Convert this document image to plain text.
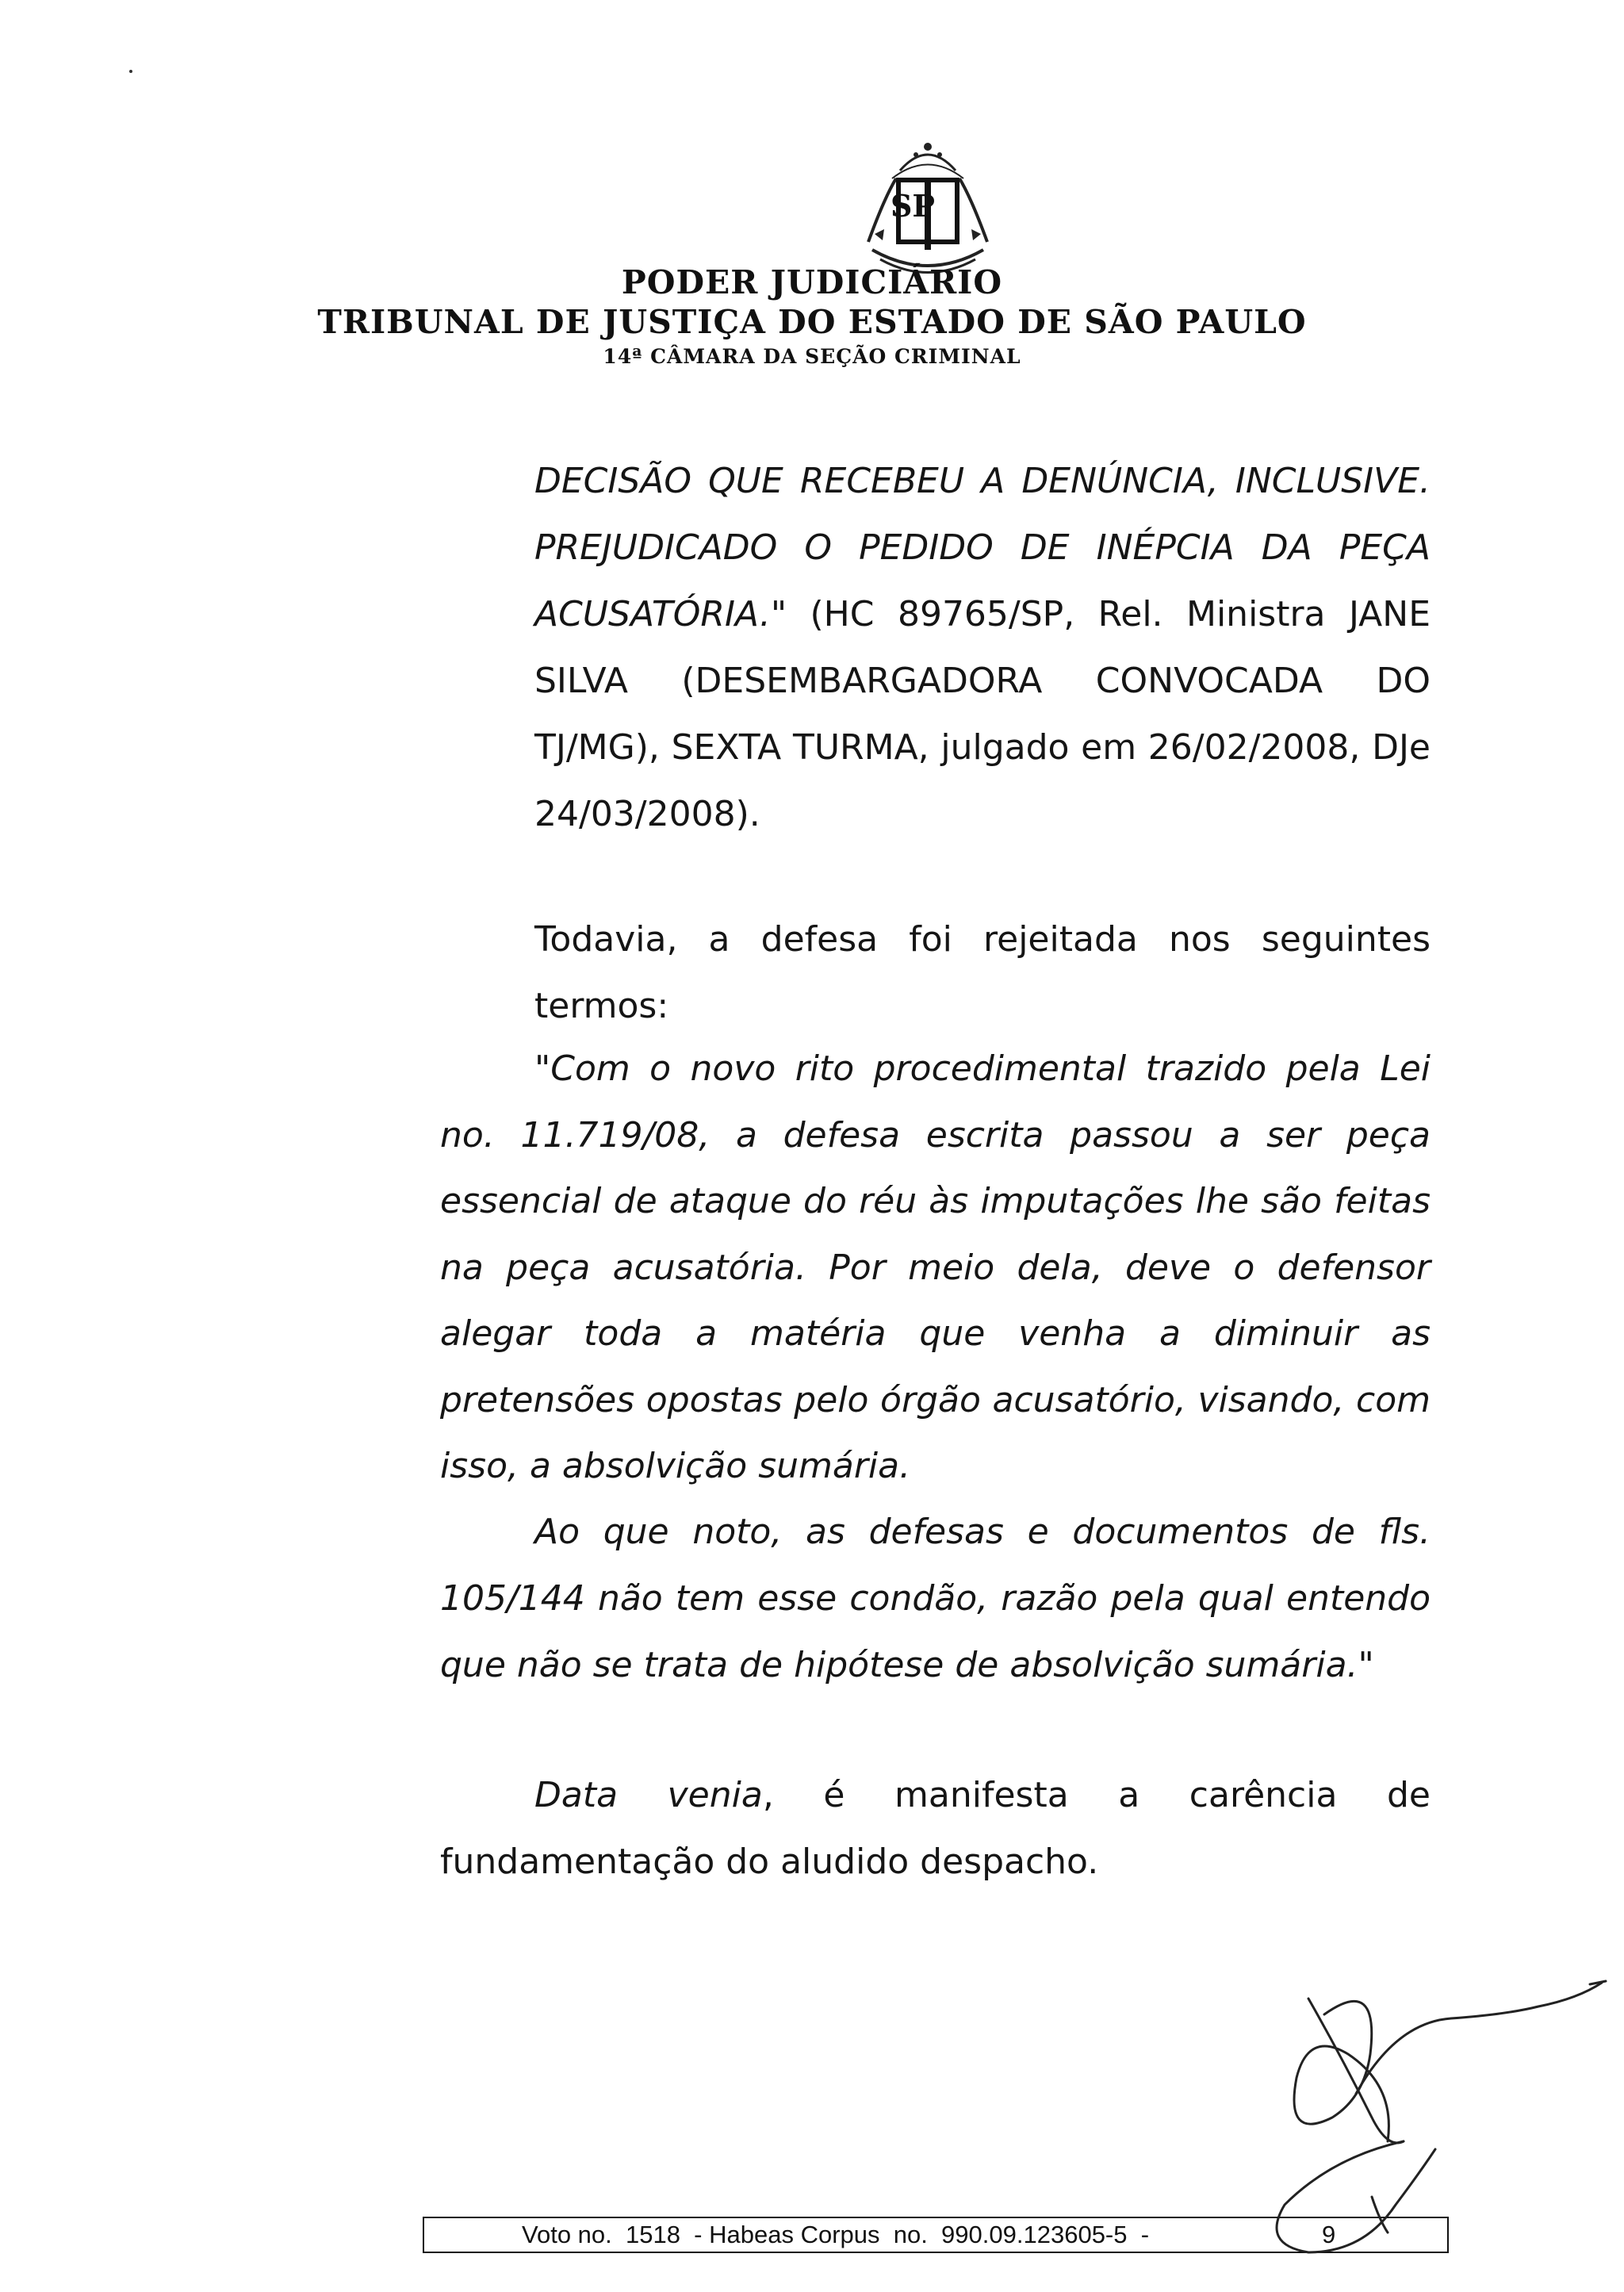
SP
PODER JUDICIÁRIO
TRIBUNAL DE JUSTIÇA DO ESTADO DE SÃO PAULO
14ª CÂMARA DA SEÇÃO CRIMINAL

DECISÃO QUE RECEBEU A DENÚNCIA, INCLUSIVE. PREJUDICADO O PEDIDO DE INÉPCIA DA PEÇA ACUSATÓRIA." (HC 89765/SP, Rel. Ministra JANE SILVA (DESEMBARGADORA CONVOCADA DO TJ/MG), SEXTA TURMA, julgado em 26/02/2008, DJe 24/03/2008).

Todavia, a defesa foi rejeitada nos seguintes termos:

"Com o novo rito procedimental trazido pela Lei no. 11.719/08, a defesa escrita passou a ser peça essencial de ataque do réu às imputações lhe são feitas na peça acusatória. Por meio dela, deve o defensor alegar toda a matéria que venha a diminuir as pretensões opostas pelo órgão acusatório, visando, com isso, a absolvição sumária.

Ao que noto, as defesas e documentos de fls. 105/144 não tem esse condão, razão pela qual entendo que não se trata de hipótese de absolvição sumária."

Data venia, é manifesta a carência de fundamentação do aludido despacho.

Voto no.  1518  - Habeas Corpus  no.  990.09.123605-5  -	9
